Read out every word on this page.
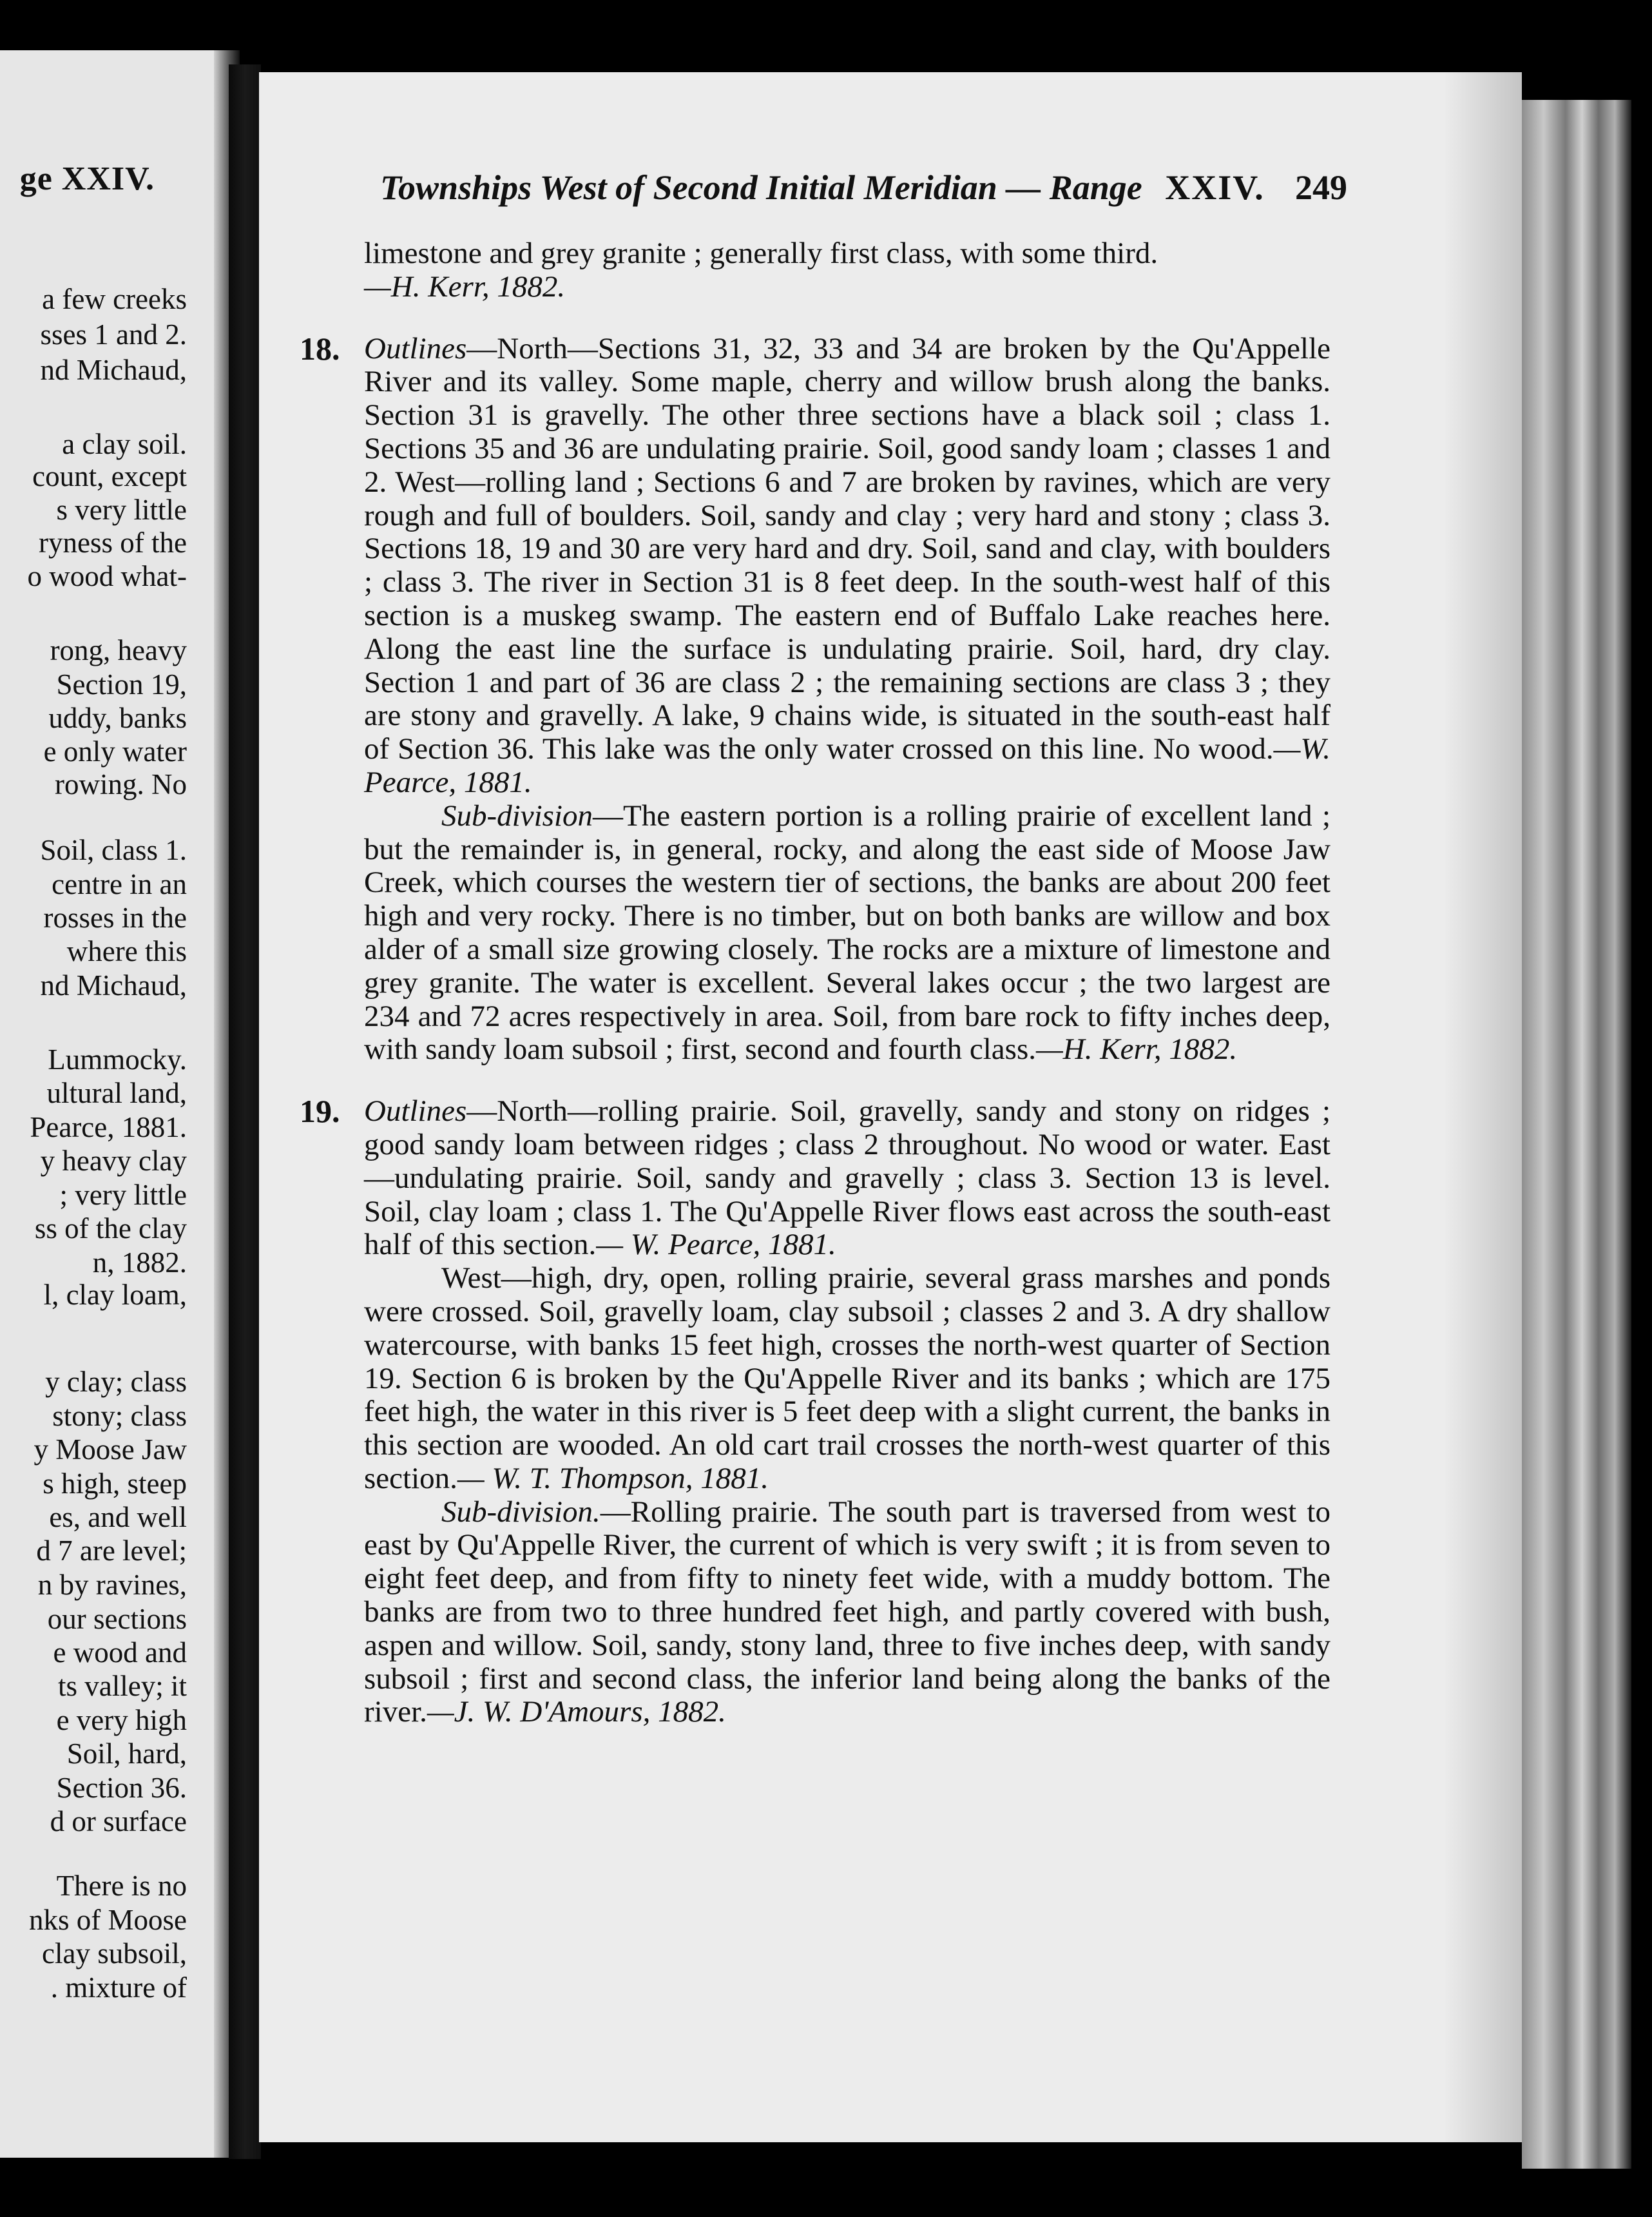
ge XXIV.
a few creeks
sses 1 and 2.
nd Michaud,
a clay soil.
count, except
s very little
ryness of the
o wood what-
rong, heavy
Section 19,
uddy, banks
e only water
rowing. No
Soil, class 1.
centre in an
rosses in the
where this
nd Michaud,
Lummocky.
ultural land,
Pearce, 1881.
y heavy clay
; very little
ss of the clay
n, 1882.
l, clay loam,
y clay; class
stony; class
y Moose Jaw
s high, steep
es, and well
d 7 are level;
n by ravines,
our sections
e wood and
ts valley; it
e very high
Soil, hard,
Section 36.
d or surface
There is no
nks of Moose
clay subsoil,
. mixture of
Townships West of Second Initial Meridian — Range XXIV. 249

limestone and grey granite ; generally first class, with some third.
—H. Kerr, 1882.

18. Outlines—North—Sections 31, 32, 33 and 34 are broken by the Qu'Appelle River and its valley. Some maple, cherry and willow brush along the banks. Section 31 is gravelly. The other three sections have a black soil ; class 1. Sections 35 and 36 are undulating prairie. Soil, good sandy loam ; classes 1 and 2. West—rolling land ; Sections 6 and 7 are broken by ravines, which are very rough and full of boulders. Soil, sandy and clay ; very hard and stony ; class 3. Sections 18, 19 and 30 are very hard and dry. Soil, sand and clay, with boulders ; class 3. The river in Section 31 is 8 feet deep. In the south-west half of this section is a muskeg swamp. The eastern end of Buffalo Lake reaches here. Along the east line the surface is undulating prairie. Soil, hard, dry clay. Section 1 and part of 36 are class 2 ; the remaining sections are class 3 ; they are stony and gravelly. A lake, 9 chains wide, is situated in the south-east half of Section 36. This lake was the only water crossed on this line. No wood.—W. Pearce, 1881.

Sub-division—The eastern portion is a rolling prairie of excellent land ; but the remainder is, in general, rocky, and along the east side of Moose Jaw Creek, which courses the western tier of sections, the banks are about 200 feet high and very rocky. There is no timber, but on both banks are willow and box alder of a small size growing closely. The rocks are a mixture of limestone and grey granite. The water is excellent. Several lakes occur ; the two largest are 234 and 72 acres respectively in area. Soil, from bare rock to fifty inches deep, with sandy loam subsoil ; first, second and fourth class.—H. Kerr, 1882.

19. Outlines—North—rolling prairie. Soil, gravelly, sandy and stony on ridges ; good sandy loam between ridges ; class 2 throughout. No wood or water. East—undulating prairie. Soil, sandy and gravelly ; class 3. Section 13 is level. Soil, clay loam ; class 1. The Qu'Appelle River flows east across the south-east half of this section.— W. Pearce, 1881.

West—high, dry, open, rolling prairie, several grass marshes and ponds were crossed. Soil, gravelly loam, clay subsoil ; classes 2 and 3. A dry shallow watercourse, with banks 15 feet high, crosses the north-west quarter of Section 19. Section 6 is broken by the Qu'Appelle River and its banks ; which are 175 feet high, the water in this river is 5 feet deep with a slight current, the banks in this section are wooded. An old cart trail crosses the north-west quarter of this section.— W. T. Thompson, 1881.

Sub-division.—Rolling prairie. The south part is traversed from west to east by Qu'Appelle River, the current of which is very swift ; it is from seven to eight feet deep, and from fifty to ninety feet wide, with a muddy bottom. The banks are from two to three hundred feet high, and partly covered with bush, aspen and willow. Soil, sandy, stony land, three to five inches deep, with sandy subsoil ; first and second class, the inferior land being along the banks of the river.—J. W. D'Amours, 1882.
